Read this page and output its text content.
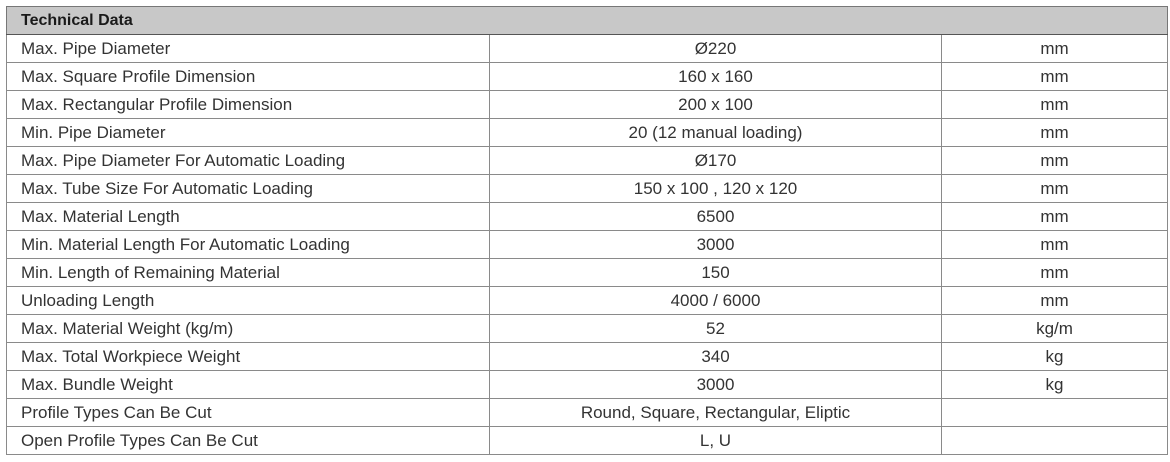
Technical Data		
Max. Pipe Diameter	Ø220	mm
Max. Square Profile Dimension	160 x 160	mm
Max. Rectangular Profile Dimension	200 x 100	mm
Min. Pipe Diameter	20 (12 manual loading)	mm
Max. Pipe Diameter For Automatic Loading	Ø170	mm
Max. Tube Size For Automatic Loading	150 x 100 , 120 x 120	mm
Max. Material Length	6500	mm
Min. Material Length For Automatic Loading	3000	mm
Min. Length of Remaining Material	150	mm
Unloading Length	4000 / 6000	mm
Max. Material Weight (kg/m)	52	kg/m
Max. Total Workpiece Weight	340	kg
Max. Bundle Weight	3000	kg
Profile Types Can Be Cut	Round, Square, Rectangular, Eliptic	
Open Profile Types Can Be Cut	L, U	
